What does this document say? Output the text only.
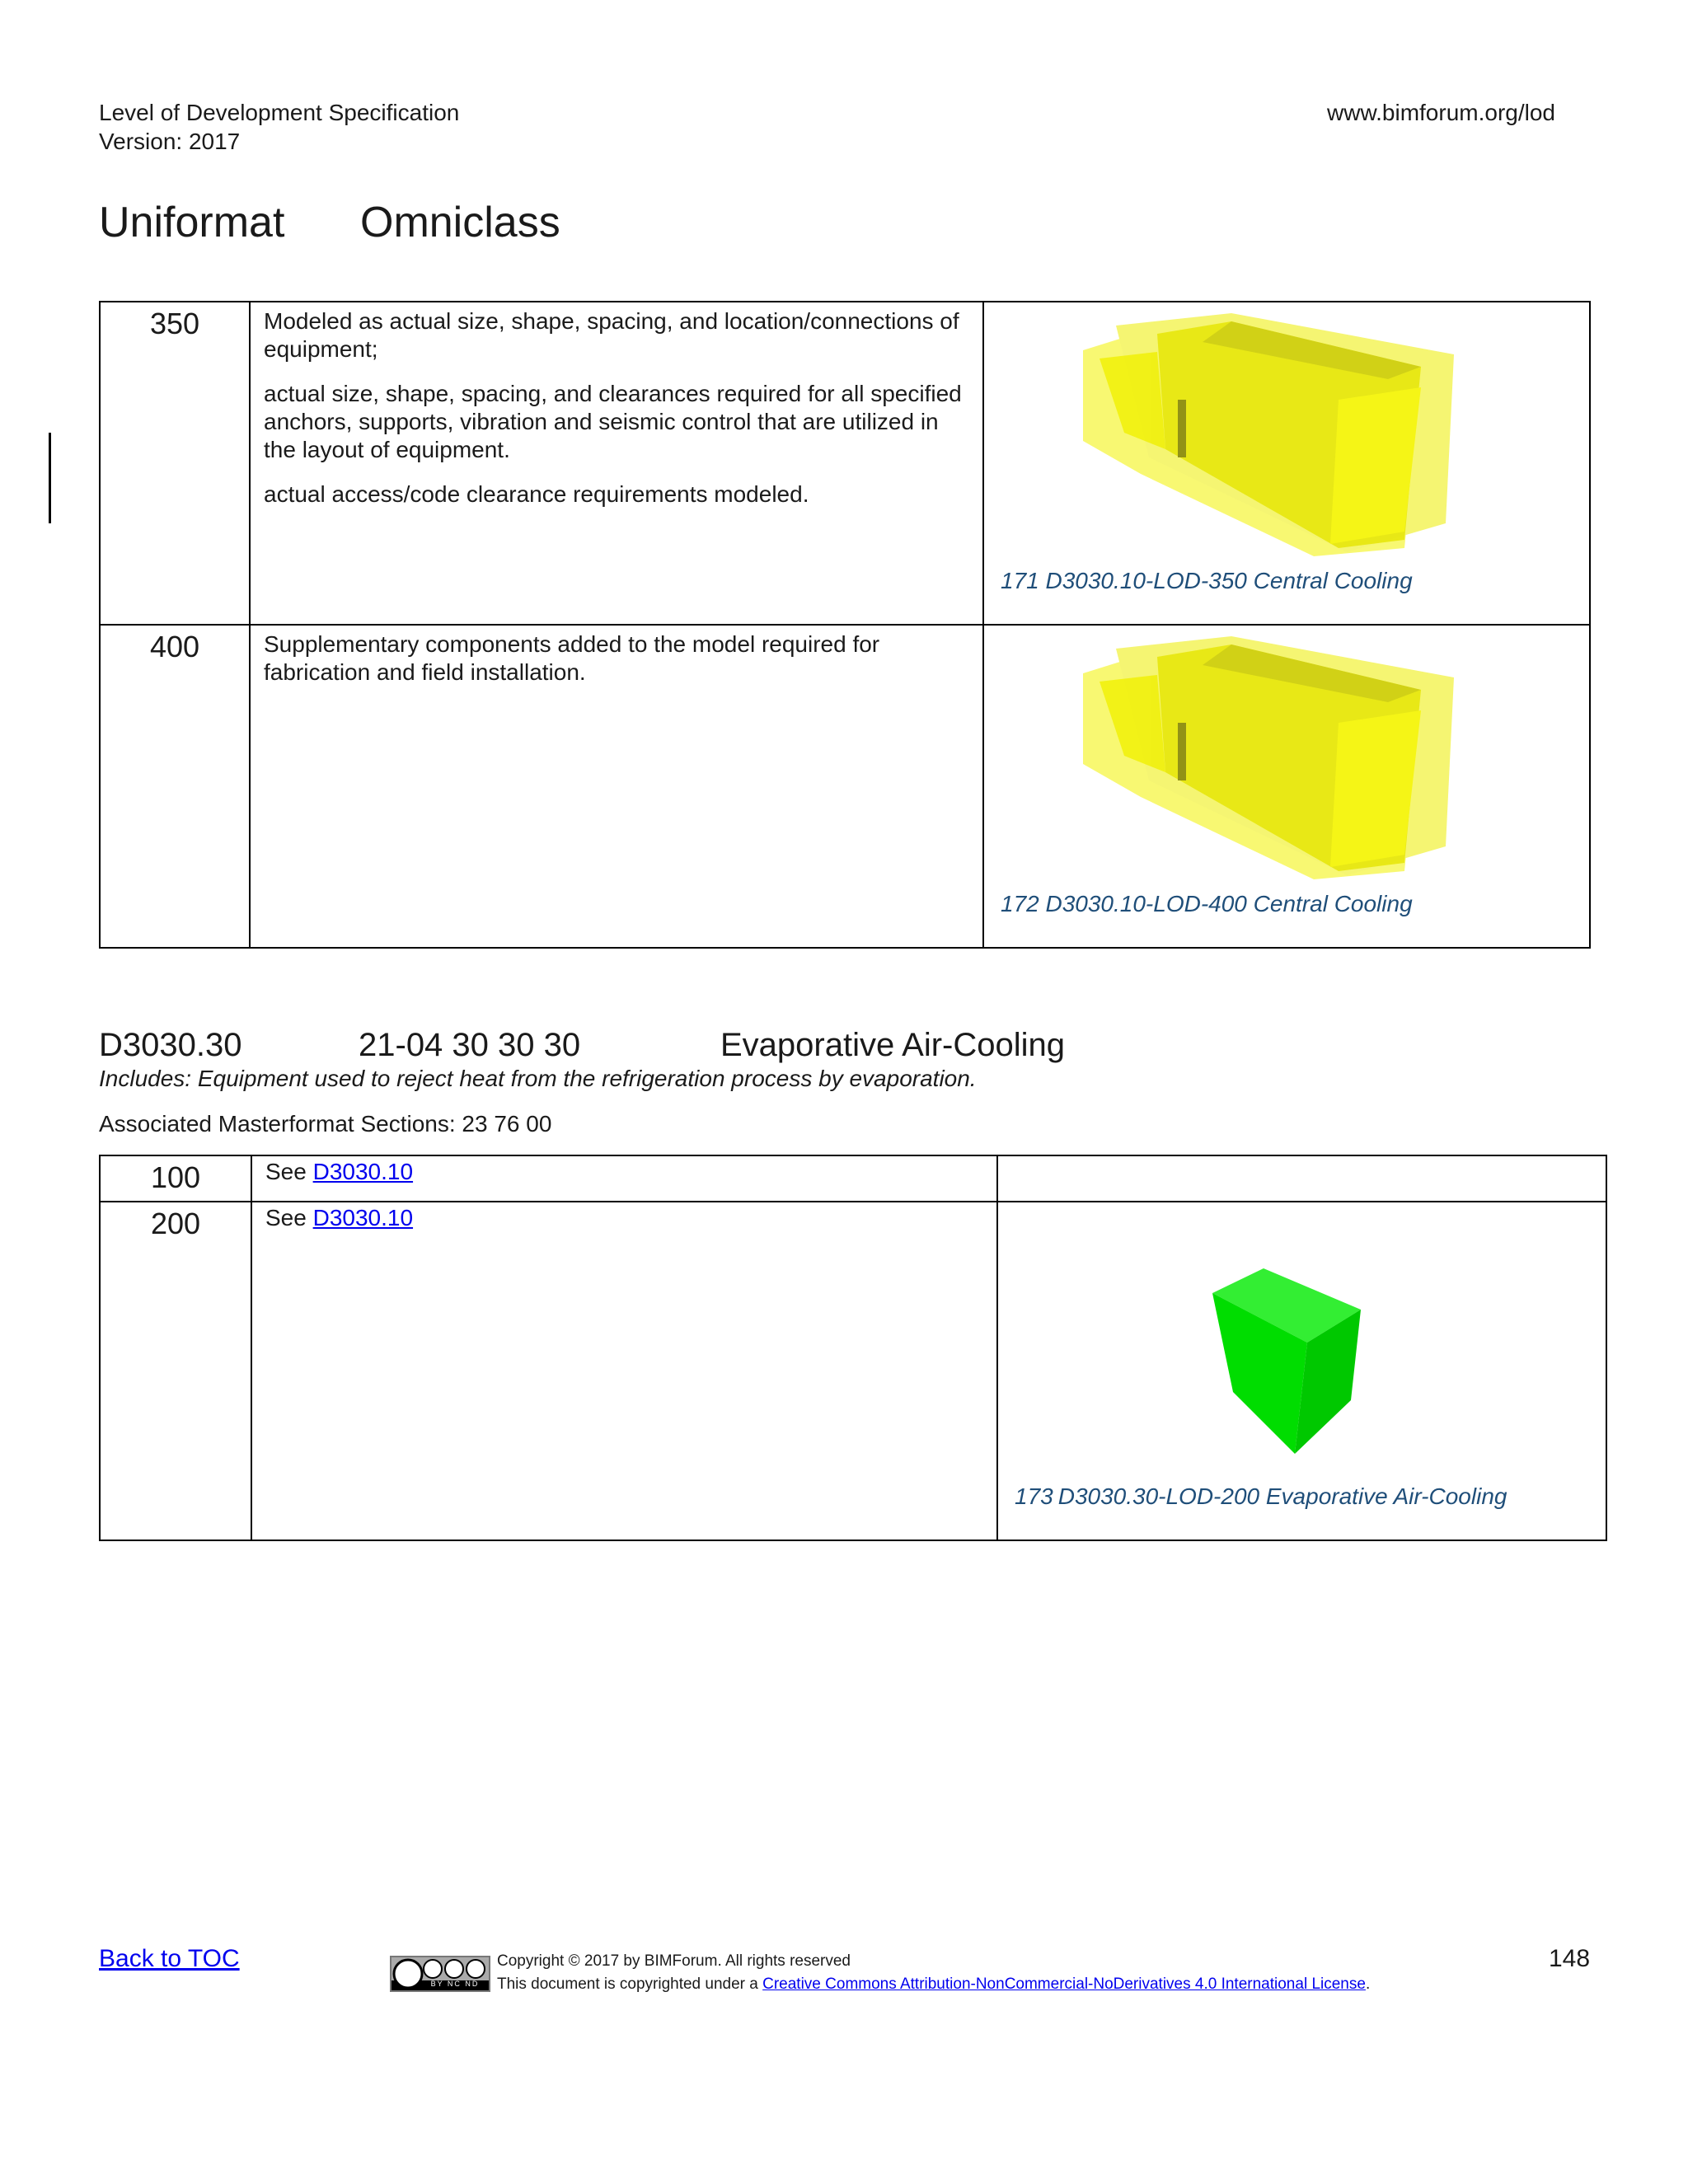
Level of Development Specification
Version: 2017
www.bimforum.org/lod
Uniformat Omniclass
350	Modeled as actual size, shape, spacing, and location/connections of equipment;

actual size, shape, spacing, and clearances required for all specified anchors, supports, vibration and seismic control that are utilized in the layout of equipment.

actual access/code clearance requirements modeled.	171 D3030.10-LOD-350 Central Cooling

400	Supplementary components added to the model required for fabrication and field installation.	172 D3030.10-LOD-400 Central Cooling
D3030.30	21-04 30 30 30	Evaporative Air-Cooling
Includes: Equipment used to reject heat from the refrigeration process by evaporation.
Associated Masterformat Sections: 23 76 00
100	See D3030.10	
200	See D3030.10	173 D3030.30-LOD-200 Evaporative Air-Cooling
Back to TOC
BY NC ND
Copyright © 2017 by BIMForum. All rights reserved
This document is copyrighted under a Creative Commons Attribution-NonCommercial-NoDerivatives 4.0 International License.
148
